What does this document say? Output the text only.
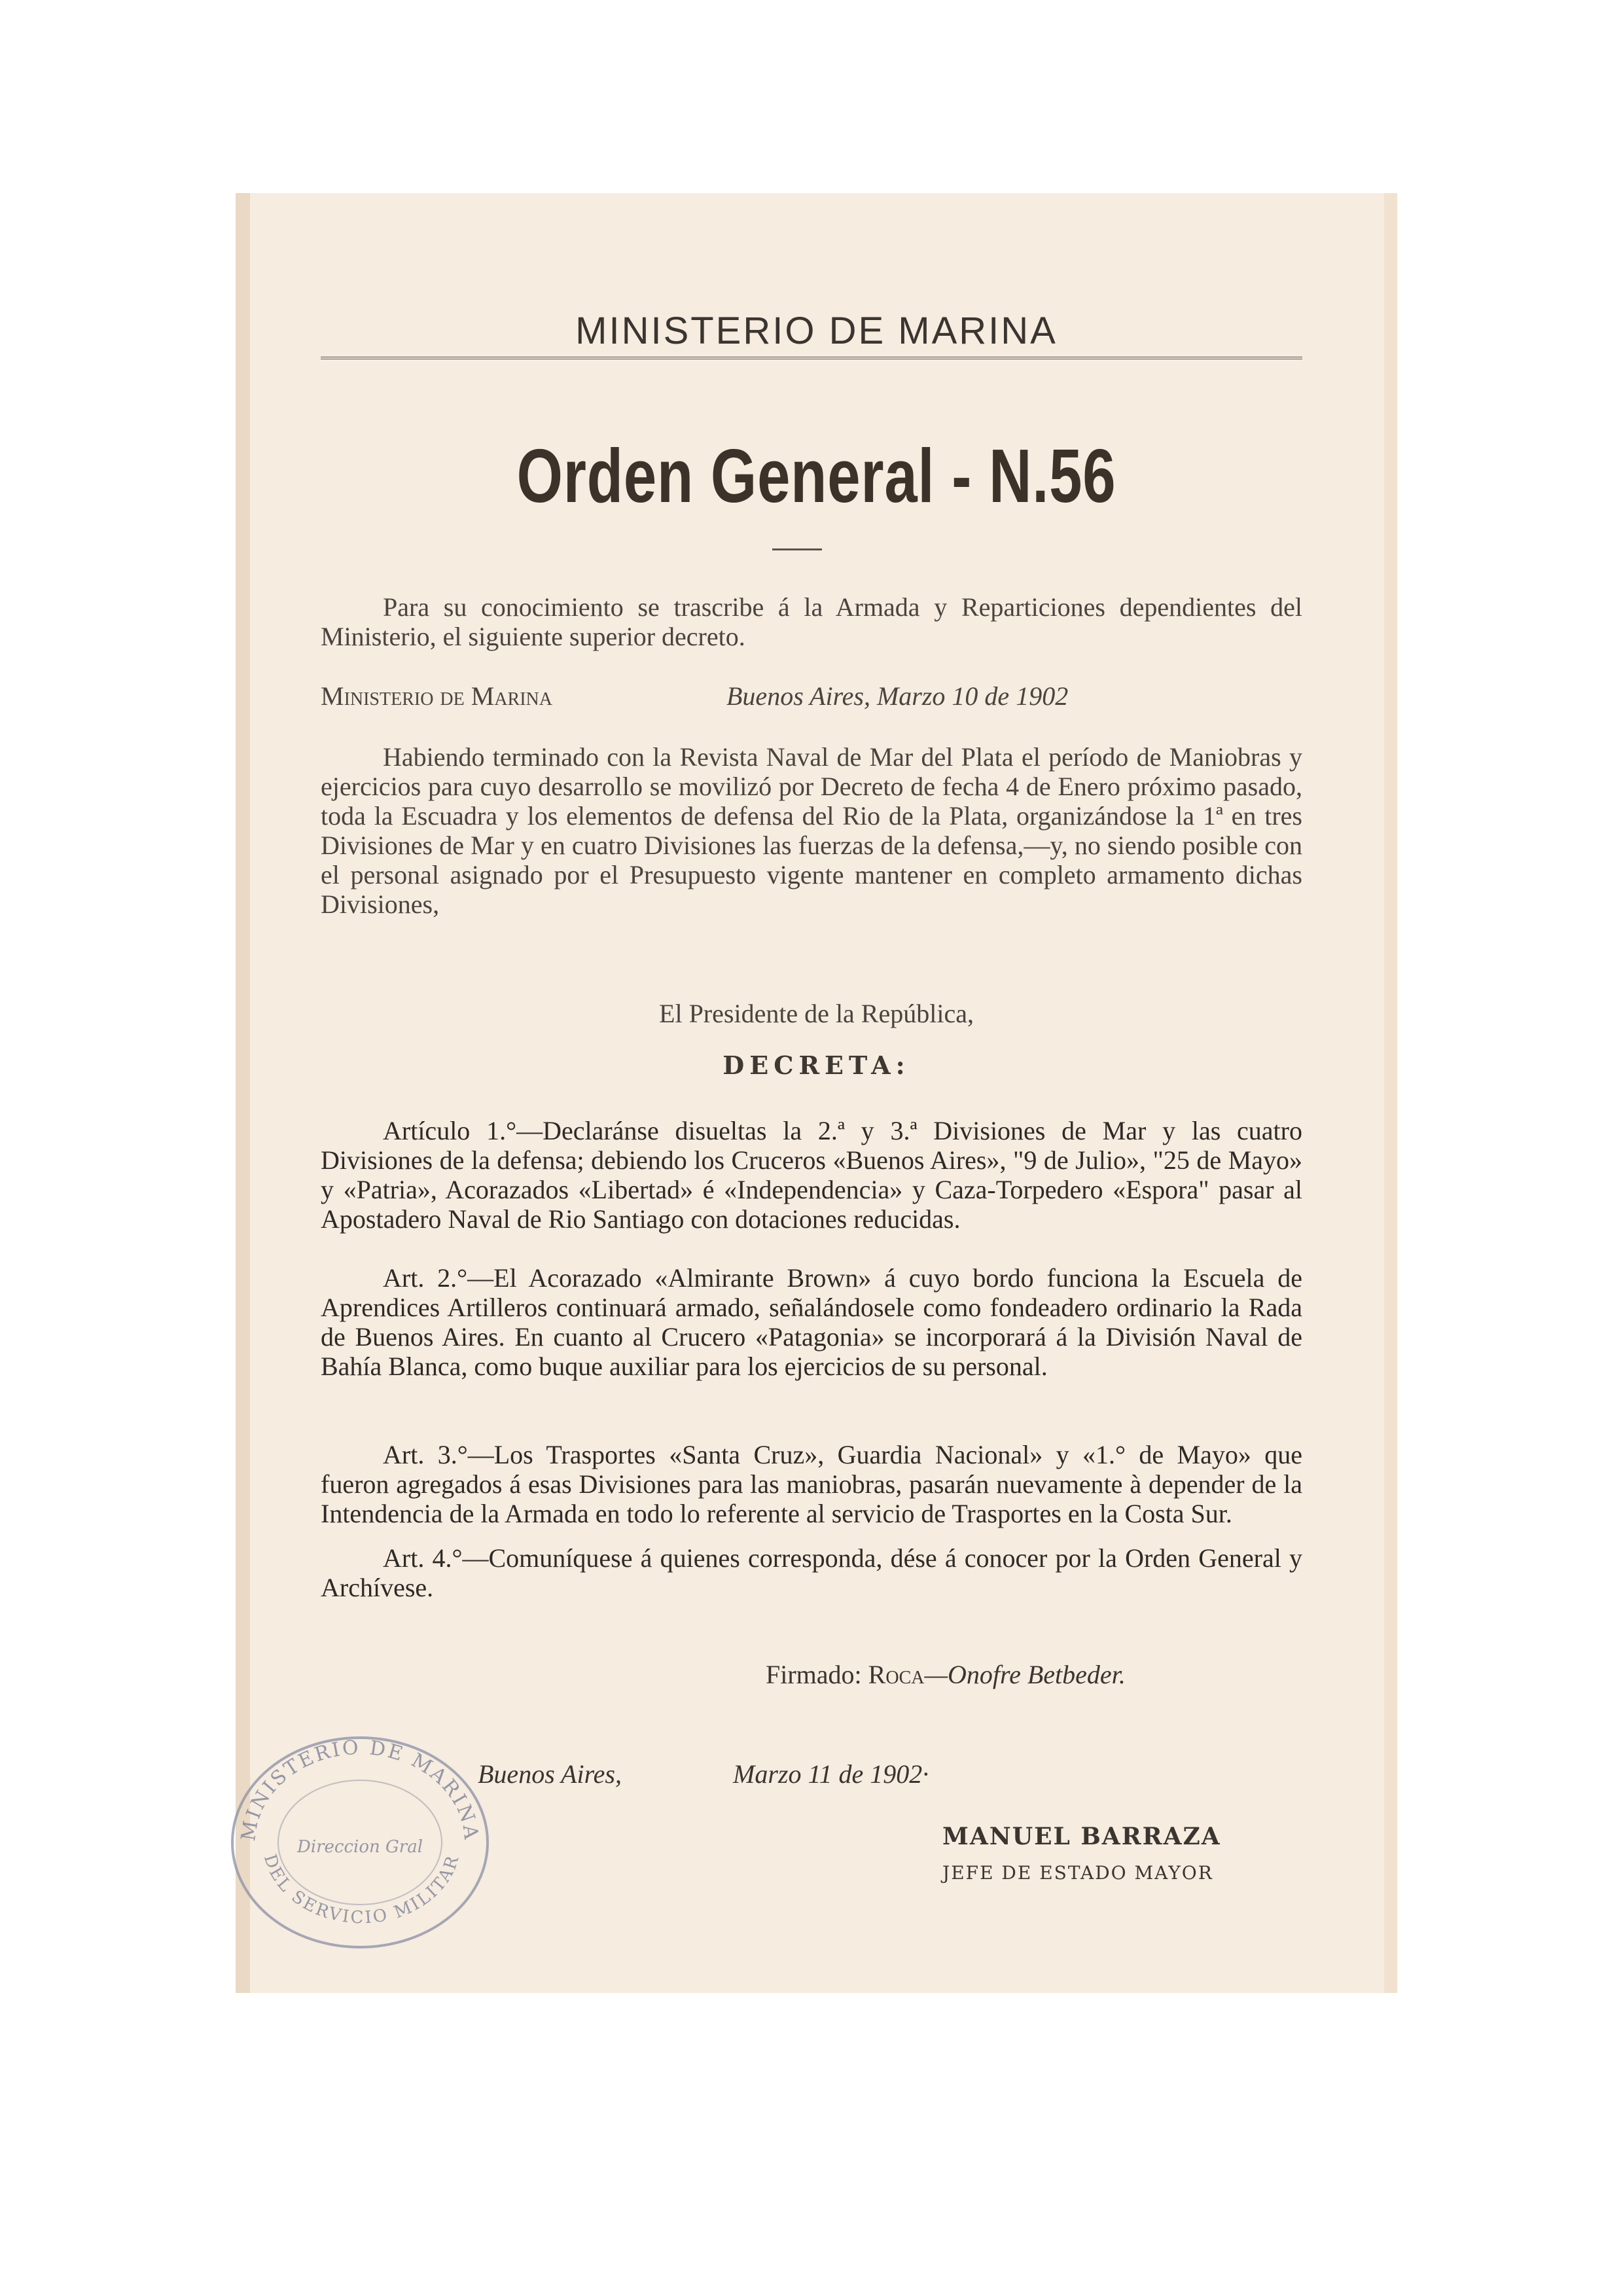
MINISTERIO DE MARINA
Orden General - N.56
Para su conocimiento se trascribe á la Armada y Reparticiones dependientes del Ministerio, el siguiente superior decreto.
Ministerio de Marina	Buenos Aires, Marzo 10 de 1902
Habiendo terminado con la Revista Naval de Mar del Plata el período de Maniobras y ejercicios para cuyo desarrollo se movilizó por Decreto de fecha 4 de Enero próximo pasado, toda la Escuadra y los elementos de defensa del Rio de la Plata, organizándose la 1ª en tres Divisiones de Mar y en cuatro Divisiones las fuerzas de la defensa,—y, no siendo posible con el personal asignado por el Presupuesto vigente mantener en completo armamento dichas Divisiones,
El Presidente de la República,
DECRETA:
Artículo 1.°—Declaránse disueltas la 2.ª y 3.ª Divisiones de Mar y las cuatro Divisiones de la defensa; debiendo los Cruceros «Buenos Aires», "9 de Julio», "25 de Mayo» y «Patria», Acorazados «Libertad» é «Independencia» y Caza-Torpedero «Espora" pasar al Apostadero Naval de Rio Santiago con dotaciones reducidas.
Art. 2.°—El Acorazado «Almirante Brown» á cuyo bordo funciona la Escuela de Aprendices Artilleros continuará armado, señalándosele como fondeadero ordinario la Rada de Buenos Aires. En cuanto al Crucero «Patagonia» se incorporará á la División Naval de Bahía Blanca, como buque auxiliar para los ejercicios de su personal.
Art. 3.°—Los Trasportes «Santa Cruz», Guardia Nacional» y «1.° de Mayo» que fueron agregados á esas Divisiones para las maniobras, pasarán nuevamente à depender de la Intendencia de la Armada en todo lo referente al servicio de Trasportes en la Costa Sur.
Art. 4.°—Comuníquese á quienes corresponda, dése á conocer por la Orden General y Archívese.
Firmado: Roca—Onofre Betbeder.
Buenos Aires,	Marzo 11 de 1902·
MANUEL BARRAZA
JEFE DE ESTADO MAYOR
MINISTERIO DE MARINA
Direccion Gral
DEL SERVICIO MILITAR
